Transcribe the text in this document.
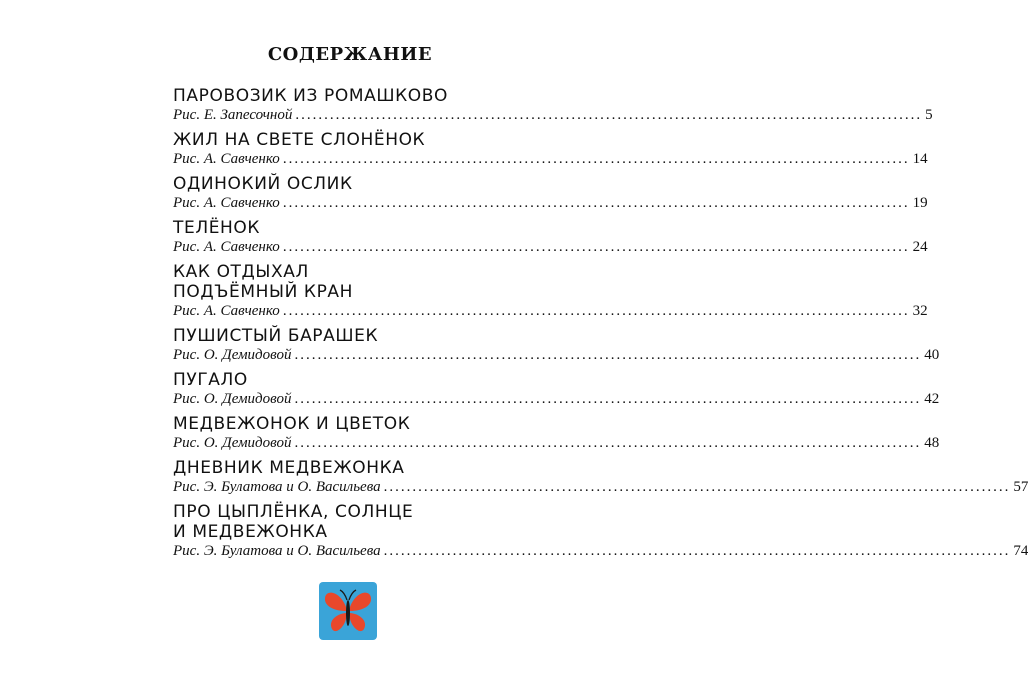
СОДЕРЖАНИЕ
ПАРОВОЗИК ИЗ РОМАШКОВО
Рис. Е. Запесочной ............................................................................................................. 5
ЖИЛ НА СВЕТЕ СЛОНЁНОК
Рис. А. Савченко ............................................................................................................. 14
ОДИНОКИЙ ОСЛИК
Рис. А. Савченко ............................................................................................................. 19
ТЕЛЁНОК
Рис. А. Савченко ............................................................................................................. 24
КАК ОТДЫХАЛ
ПОДЪЁМНЫЙ КРАН
Рис. А. Савченко ............................................................................................................. 32
ПУШИСТЫЙ БАРАШЕК
Рис. О. Демидовой ............................................................................................................. 40
ПУГАЛО
Рис. О. Демидовой ............................................................................................................. 42
МЕДВЕЖОНОК И ЦВЕТОК
Рис. О. Демидовой ............................................................................................................. 48
ДНЕВНИК МЕДВЕЖОНКА
Рис. Э. Булатова и О. Васильева ............................................................................................................. 57
ПРО ЦЫПЛЁНКА, СОЛНЦЕ
И МЕДВЕЖОНКА
Рис. Э. Булатова и О. Васильева ............................................................................................................. 74
